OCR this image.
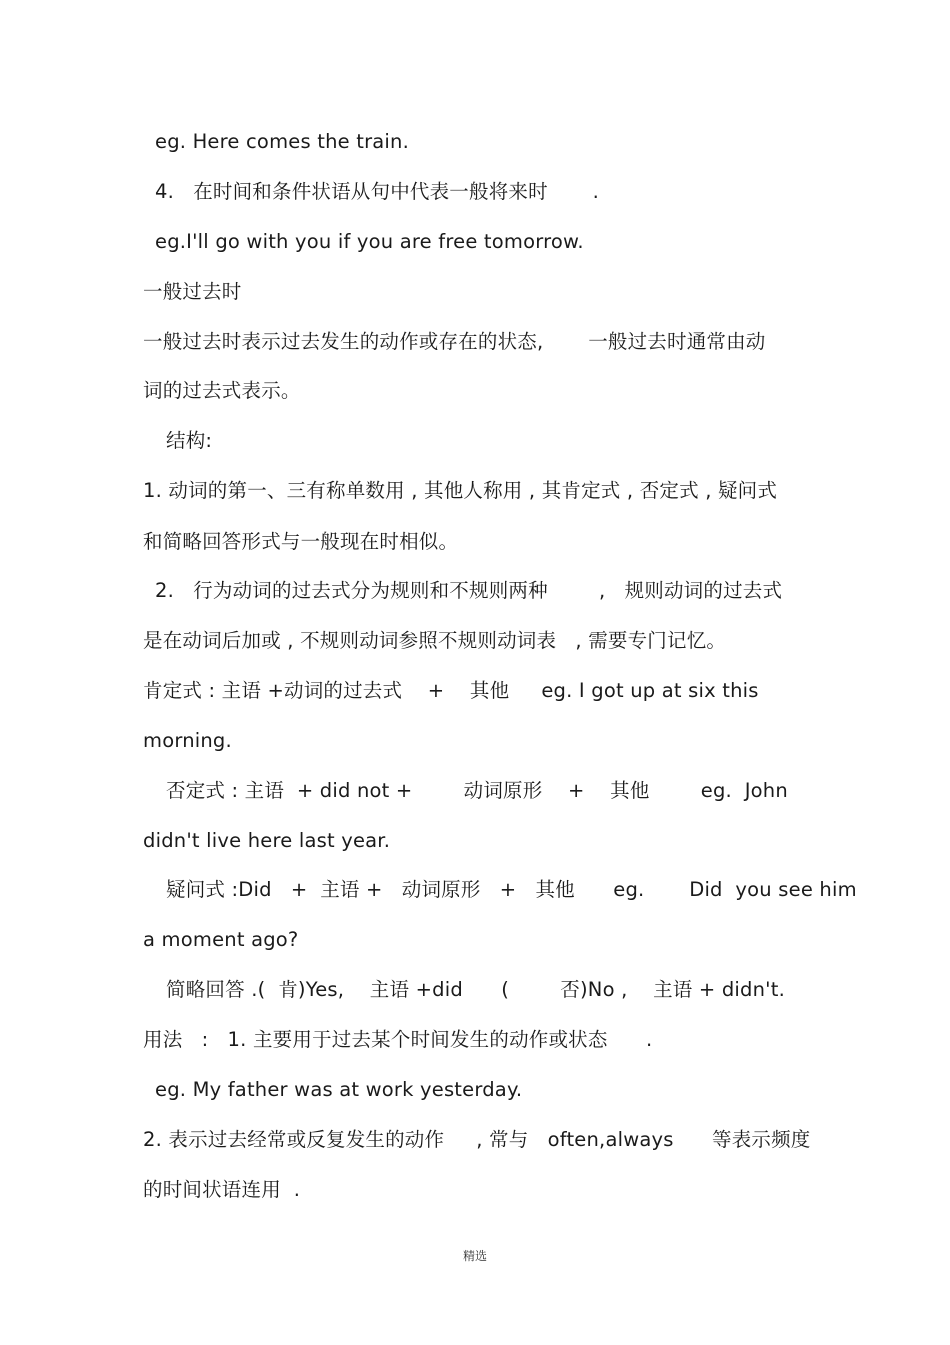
eg. Here comes the train.
4.   在时间和条件状语从句中代表一般将来时       .
eg.I'll go with you if you are free tomorrow.
一般过去时
一般过去时表示过去发生的动作或存在的状态,       一般过去时通常由动
词的过去式表示。
结构:
1. 动词的第一、三有称单数用 , 其他人称用 , 其肯定式 , 否定式 , 疑问式
和简略回答形式与一般现在时相似。
2.   行为动词的过去式分为规则和不规则两种        ,   规则动词的过去式
是在动词后加或 , 不规则动词参照不规则动词表   , 需要专门记忆。
肯定式 : 主语 +动词的过去式    +    其他     eg. I got up at six this
morning.
否定式 : 主语  + did not +        动词原形    +    其他        eg.  John
didn't live here last year.
疑问式 :Did   +  主语 +   动词原形   +   其他      eg.       Did  you see him
a moment ago?
简略回答 .(  肯)Yes,    主语 +did      (        否)No ,    主语 + didn't.
用法   :   1. 主要用于过去某个时间发生的动作或状态      .
eg. My father was at work yesterday.
2. 表示过去经常或反复发生的动作     , 常与   often,always      等表示频度
的时间状语连用  .
精选
